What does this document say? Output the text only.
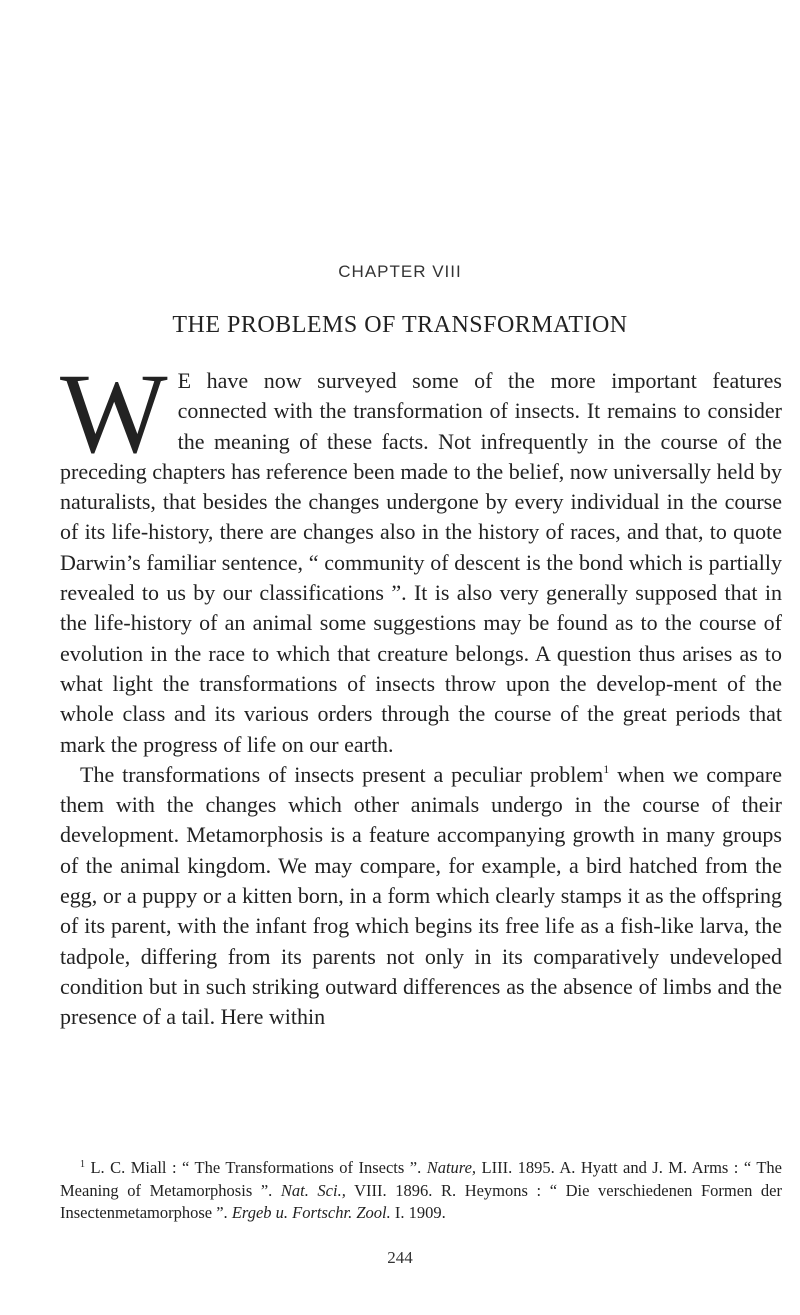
CHAPTER VIII
THE PROBLEMS OF TRANSFORMATION

W E have now surveyed some of the more important features connected with the transformation of insects. It remains to consider the meaning of these facts. Not infrequently in the course of the preceding chapters has reference been made to the belief, now universally held by naturalists, that besides the changes undergone by every individual in the course of its life-history, there are changes also in the history of races, and that, to quote Darwin’s familiar sentence, “ community of descent is the bond which is partially revealed to us by our classifications ”. It is also very generally supposed that in the life-history of an animal some suggestions may be found as to the course of evolution in the race to which that creature belongs. A question thus arises as to what light the transformations of insects throw upon the develop-ment of the whole class and its various orders through the course of the great periods that mark the progress of life on our earth.

The transformations of insects present a peculiar problem$^1$ when we compare them with the changes which other animals undergo in the course of their development. Metamorphosis is a feature accompanying growth in many groups of the animal kingdom. We may compare, for example, a bird hatched from the egg, or a puppy or a kitten born, in a form which clearly stamps it as the offspring of its parent, with the infant frog which begins its free life as a fish-like larva, the tadpole, differing from its parents not only in its comparatively undeveloped condition but in such striking outward differences as the absence of limbs and the presence of a tail. Here within

$^1$ L. C. Miall : “ The Transformations of Insects ”. Nature, LIII. 1895. A. Hyatt and J. M. Arms : “ The Meaning of Metamorphosis ”. Nat. Sci., VIII. 1896. R. Heymons : “ Die verschiedenen Formen der Insectenmetamorphose ”. Ergeb u. Fortschr. Zool. I. 1909.

244
